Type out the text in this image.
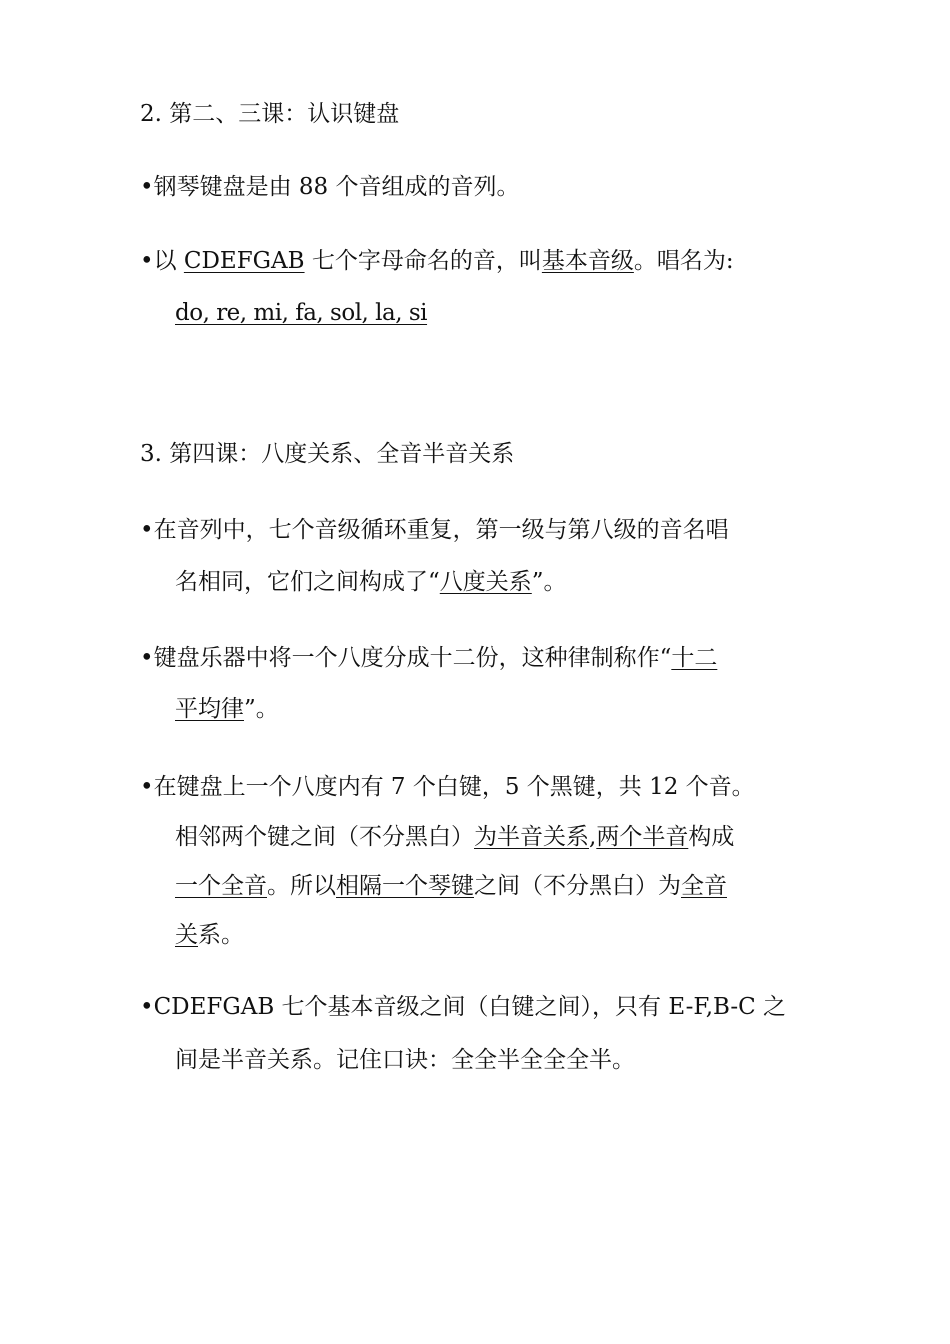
2. 第二、三课：认识键盘
•钢琴键盘是由 88 个音组成的音列。
•以 CDEFGAB 七个字母命名的音，叫基本音级。唱名为:
do, re, mi, fa, sol, la, si
3. 第四课：八度关系、全音半音关系
•在音列中，七个音级循环重复，第一级与第八级的音名唱
名相同，它们之间构成了“八度关系”。
•键盘乐器中将一个八度分成十二份，这种律制称作“十二
平均律”。
•在键盘上一个八度内有 7 个白键，5 个黑键，共 12 个音。
相邻两个键之间（不分黑白）为半音关系,两个半音构成
一个全音。所以相隔一个琴键之间（不分黑白）为全音
关系。
•CDEFGAB 七个基本音级之间（白键之间），只有 E-F,B-C 之
间是半音关系。记住口诀：全全半全全全半。
